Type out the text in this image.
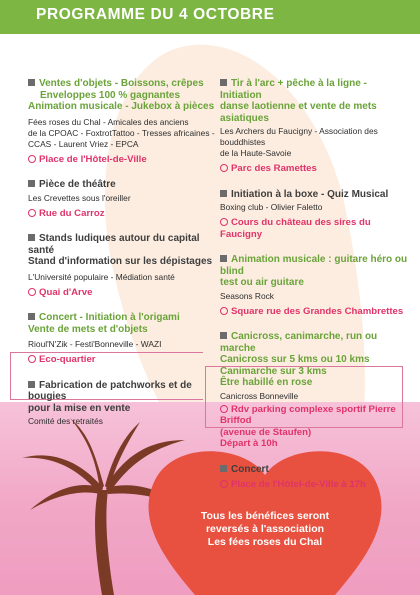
PROGRAMME DU 4 OCTOBRE
Tous les bénéfices seront
reversés à l'association
Les fées roses du Chal

Ventes d'objets - Boissons, crêpes

Enveloppes 100 % gagnantes

Animation musicale - Jukebox à pièces

Fées roses du Chal - Amicales des anciens
de la CPOAC - FoxtrotTattoo - Tresses africaines -
CCAS - Laurent Vriez - EPCA

Place de l'Hôtel-de-Ville

Pièce de théâtre

Les Crevettes sous l'oreiller

Rue du Carroz

Stands ludiques autour du capital santé

Stand d'information sur les dépistages

L'Université populaire - Médiation santé

Quai d'Arve

Concert - Initiation à l'origami

Vente de mets et d'objets

Rioul'N'Zik - Festi'Bonneville - WAZI

Eco-quartier

Fabrication de patchworks et de bougies

pour la mise en vente

Comité des retraités

Tir à l'arc + pêche à la ligne - Initiation

danse laotienne et vente de mets asiatiques

Les Archers du Faucigny - Association des bouddhistes
de la Haute-Savoie

Parc des Ramettes

Initiation à la boxe - Quiz Musical

Boxing club - Olivier Faletto

Cours du château des sires du Faucigny

Animation musicale : guitare héro ou blind

test ou air guitare

Seasons Rock

Square rue des Grandes Chambrettes

Canicross, canimarche, run ou marche

Canicross sur 5 kms ou 10 kms

Canimarche sur 3 kms

Être habillé en rose

Canicross Bonneville

Rdv parking complexe sportif Pierre Briffod

(avenue de Staufen)

Départ à 10h

Concert

Place de l'Hôtel-de-Ville à 17h
